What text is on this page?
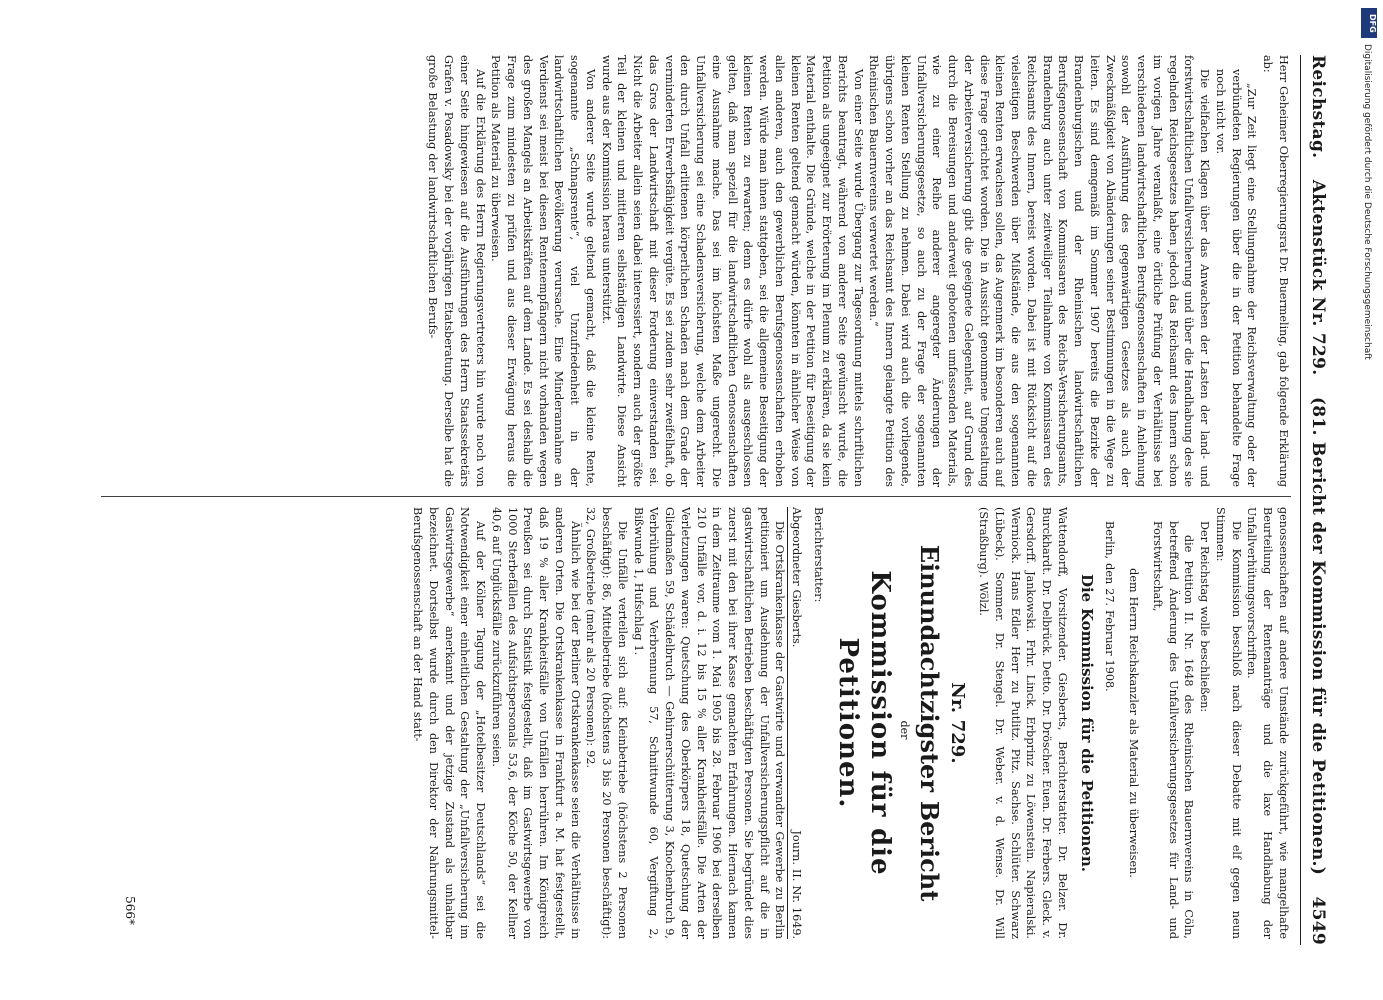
Reichstag.
Aktenstück Nr. 729.
(81. Bericht der Kommission für die Petitionen.)
4549

Herr Geheimer Oberregierungsrat Dr. Buermeling, gab folgende Erklärung ab:

„Zur Zeit liegt eine Stellungnahme der Reichsverwaltung oder der verbündeten Regierungen über die in der Petition behandelte Frage noch nicht vor.

Die vielfachen Klagen über das Anwachsen der Lasten der land- und forstwirtschaftlichen Unfallversicherung und über die Handhabung des sie regelnden Reichsgesetzes haben jedoch das Reichsamt des Innern schon im vorigen Jahre veranlaßt, eine örtliche Prüfung der Verhältnisse bei verschiedenen landwirtschaftlichen Berufsgenossenschaften in Anlehnung sowohl der Ausführung des gegenwärtigen Gesetzes als auch der Zweckmäßigkeit von Abänderungen seiner Bestimmungen in die Wege zu leiten. Es sind demgemäß im Sommer 1907 bereits die Bezirke der Brandenburgischen und der Rheinischen landwirtschaftlichen Berufsgenossenschaft von Kommissaren des Reichs-Versicherungsamts, Brandenburg auch unter zeitweiliger Teilnahme von Kommissaren des Reichsamts des Innern, bereist worden. Dabei ist mit Rücksicht auf die vielseitigen Beschwerden über Mißstände, die aus den sogenannten kleinen Renten erwachsen sollen, das Augenmerk im besonderen auch auf diese Frage gerichtet worden. Die in Aussicht genommene Umgestaltung der Arbeiterversicherung gibt die geeignete Gelegenheit, auf Grund des durch die Bereisungen und anderweit gebotenen umfassenden Materials, wie zu einer Reihe anderer angeregter Änderungen der Unfallversicherungsgesetze, so auch zu der Frage der sogenannten kleinen Renten Stellung zu nehmen. Dabei wird auch die vorliegende, übrigens schon vorher an das Reichsamt des Innern gelangte Petition des Rheinischen Bauernvereins verwertet werden.“

Von einer Seite wurde Übergang zur Tagesordnung mittels schriftlichen Berichts beantragt, während von anderer Seite gewünscht wurde, die Petition als ungeeignet zur Erörterung im Plenum zu erklären, da sie kein Material enthalte. Die Gründe, welche in der Petition für Beseitigung der kleinen Renten geltend gemacht würden, könnten in ähnlicher Weise von allen anderen, auch den gewerblichen Berufsgenossenschaften erhoben werden. Würde man ihnen stattgeben, sei die allgemeine Beseitigung der kleinen Renten zu erwarten; denn es dürfe wohl als ausgeschlossen gelten, daß man speziell für die landwirtschaftlichen Genossenschaften eine Ausnahme mache. Das sei im höchsten Maße ungerecht. Die Unfallversicherung sei eine Schadensversicherung, welche dem Arbeiter den durch Unfall erlittenen körperlichen Schaden nach dem Grade der verminderten Erwerbsfähigkeit vergüte. Es sei zudem sehr zweifelhaft, ob das Gros der Landwirtschaft mit dieser Forderung einverstanden sei. Nicht die Arbeiter allein seien dabei interessiert, sondern auch der größte Teil der kleinen und mittleren selbständigen Landwirte. Diese Ansicht wurde aus der Kommission heraus unterstützt.

Von anderer Seite wurde geltend gemacht, daß die kleine Rente, sogenannte „Schnapsrente“, viel Unzufriedenheit in der landwirtschaftlichen Bevölkerung verursache. Eine Minderannahme an Verdienst sei meist bei diesen Rentenempfängern nicht vorhanden wegen des großen Mangels an Arbeitskräften auf dem Lande. Es sei deshalb die Frage zum mindesten zu prüfen und aus dieser Erwägung heraus die Petition als Material zu überweisen.

Auf die Erklärung des Herrn Regierungsvertreters hin wurde noch von einer Seite hingewiesen auf die Ausführungen des Herrn Staatssekretärs Grafen v. Posadowsky bei der vorjährigen Etatsberatung. Derselbe hat die große Belastung der landwirtschaftlichen Berufs-

genossenschaften auf andere Umstände zurückgeführt, wie mangelhafte Beurteilung der Rentenanträge und die laxe Handhabung der Unfallverhütungsvorschriften.

Die Kommission beschloß nach dieser Debatte mit elf gegen neun Stimmen:

Der Reichstag wolle beschließen:

die Petition II. Nr. 1648 des Rheinischen Bauernvereins in Cöln, betreffend Änderung des Unfallversicherungsgesetzes für Land- und Forstwirtschaft,

dem Herrn Reichskanzler als Material zu überweisen.

Berlin, den 27. Februar 1908.

Die Kommission für die Petitionen.

Wattendorff, Vorsitzender. Giesberts, Berichterstatter. Dr. Belzer. Dr. Burckhardt. Dr. Delbrück. Detto. Dr. Dröscher. Euen. Dr. Ferbers. Gleck. v. Gersdorff. Jankowski. Frhr. Linck. Erbprinz zu Löwenstein. Napieralski. Werniock. Hans Edler Herr zu Putlitz. Pitz. Sachse. Schlüter. Schwarz (Lübeck). Sommer. Dr. Stengel. Dr. Weber. v. d. Wense. Dr. Will (Straßburg). Wölzl.

Nr. 729.
Einundachtzigster Bericht

der

Kommission für die Petitionen.

Berichterstatter:

Abgeordneter Giesberts.
Journ. II. Nr. 1649.

Die Ortskrankenkasse der Gastwirte und verwandter Gewerbe zu Berlin petitioniert um Ausdehnung der Unfallversicherungspflicht auf die in gastwirtschaftlichen Betrieben beschäftigten Personen. Sie begründet dies zuerst mit den bei ihrer Kasse gemachten Erfahrungen. Hiernach kamen in dem Zeitraume vom 1. Mai 1905 bis 28. Februar 1906 bei derselben 210 Unfälle vor, d. i. 12 bis 15 % aller Krankheitsfälle. Die Arten der Verletzungen waren: Quetschung des Oberkörpers 18, Quetschung der Gliedmaßen 59, Schädelbruch — Gehirnerschütterung 3, Knochenbruch 9, Verbrühung und Verbrennung 57, Schnittwunde 60, Vergiftung 2, Bißwunde 1, Hufschlag 1.

Die Unfälle verteilen sich auf: Kleinbetriebe (höchstens 2 Personen beschäftigt): 86, Mittelbetriebe (höchstens 3 bis 20 Personen beschäftigt): 32, Großbetriebe (mehr als 20 Personen): 92.

Ähnlich wie bei der Berliner Ortskrankenkasse seien die Verhältnisse in anderen Orten. Die Ortskrankenkasse in Frankfurt a. M. hat festgestellt, daß 19 % aller Krankheitsfälle von Unfällen herrühren. Im Königreich Preußen sei durch Statistik festgestellt, daß im Gastwirtsgewerbe von 1000 Sterbefällen des Aufsichtspersonals 53,6, der Köche 50, der Kellner 40,6 auf Unglücksfälle zurückzuführen seien.

Auf der Kölner Tagung der „Hotelbesitzer Deutschlands“ sei die Notwendigkeit einer einheitlichen Gestaltung der „Unfallversicherung im Gastwirtsgewerbe“ anerkannt und der jetzige Zustand als unhaltbar bezeichnet. Dortselbst wurde durch den Direktor der Nahrungsmittel-Berufsgenossenschaft an der Hand statt-

566*
DFG
Digitalisierung gefördert durch die Deutsche Forschungsgemeinschaft
